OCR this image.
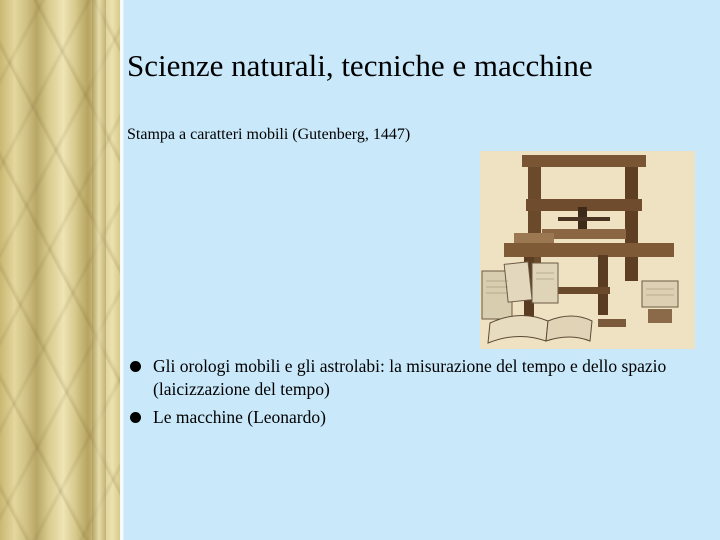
Scienze naturali, tecniche e macchine
Stampa a caratteri mobili (Gutenberg, 1447)
Gli orologi mobili e gli astrolabi: la misurazione del tempo e dello spazio (laicizzazione del tempo)
Le macchine (Leonardo)
